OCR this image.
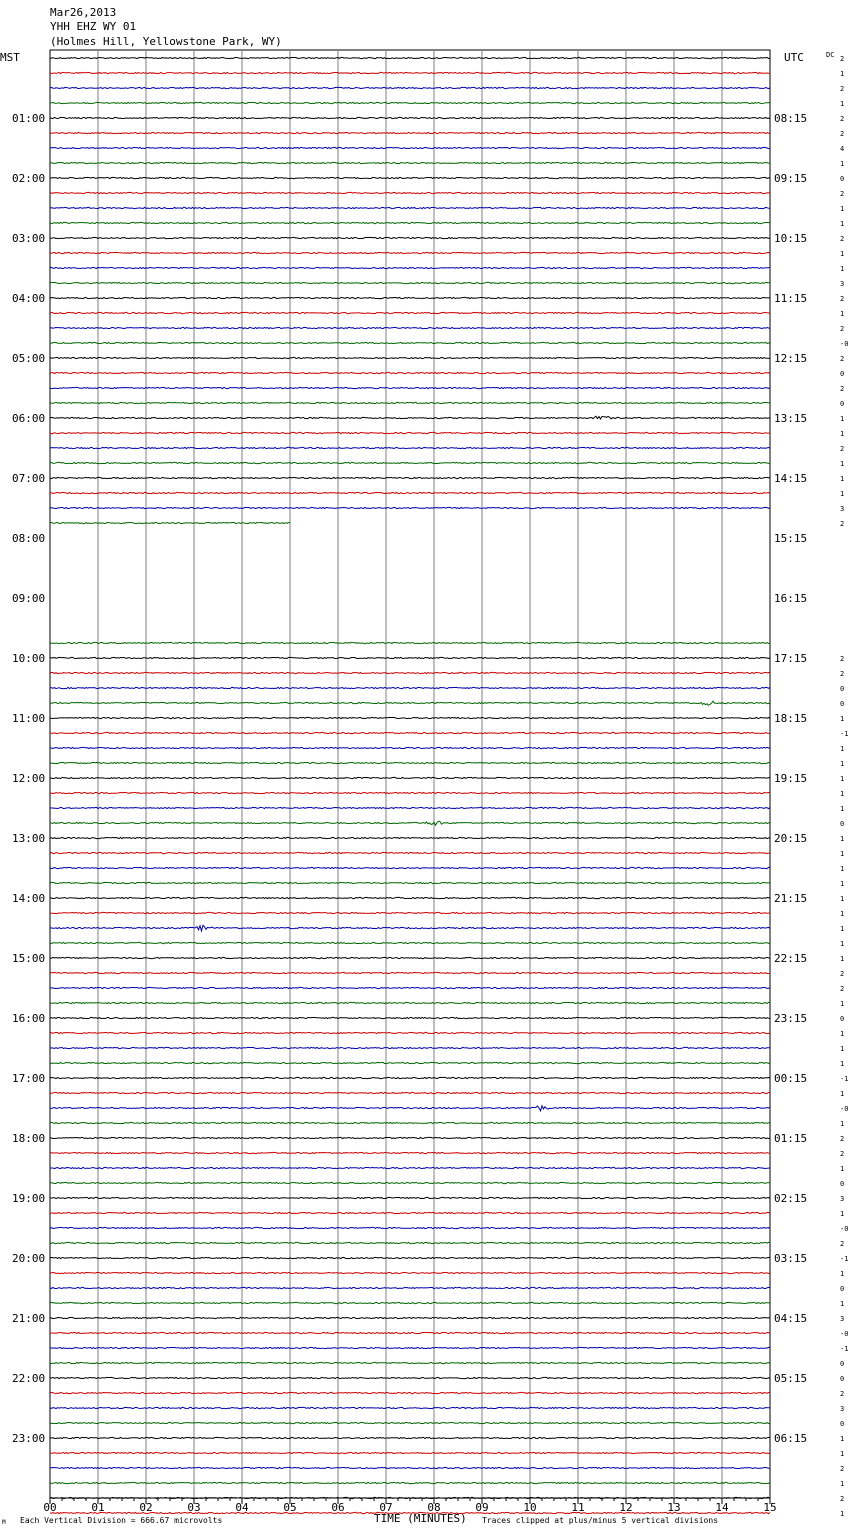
Mar26,2013
YHH EHZ WY 01
(Holmes Hill, Yellowstone Park, WY)
MST	UTC	DC 2
1
2
1
2
2
4
1
0
2
1
1
2
1
1
3
2
1
2
-0
2
0
2
0
1
1
2
1
1
1
3
2
2
2
0
0
1
-1
1
1
1
1
1
0
1
1
1
1
1
1
1
1
1
2
2
1
0
1
1
1
-1
1
-0
1
2
2
1
0
3
1
-0
2
-1
1
0
1
3
-0
-1
0
0
2
3
0
1
1
2
1
2
1
01:00	08:15
02:00	09:15
03:00	10:15
04:00	11:15
05:00	12:15
06:00	13:15
07:00	14:15
08:00	15:15
09:00	16:15
10:00	17:15
11:00	18:15
12:00	19:15
13:00	20:15
14:00	21:15
15:00	22:15
16:00	23:15
17:00	00:15
18:00	01:15
19:00	02:15
20:00	03:15
21:00	04:15
22:00	05:15
23:00	06:15
00	01	02	03	04	05	06	07	08	09	10	11	12	13	14	15
M Each Vertical Division = 666.67 microvolts	TIME (MINUTES) Traces clipped at plus/minus 5 vertical divisions
